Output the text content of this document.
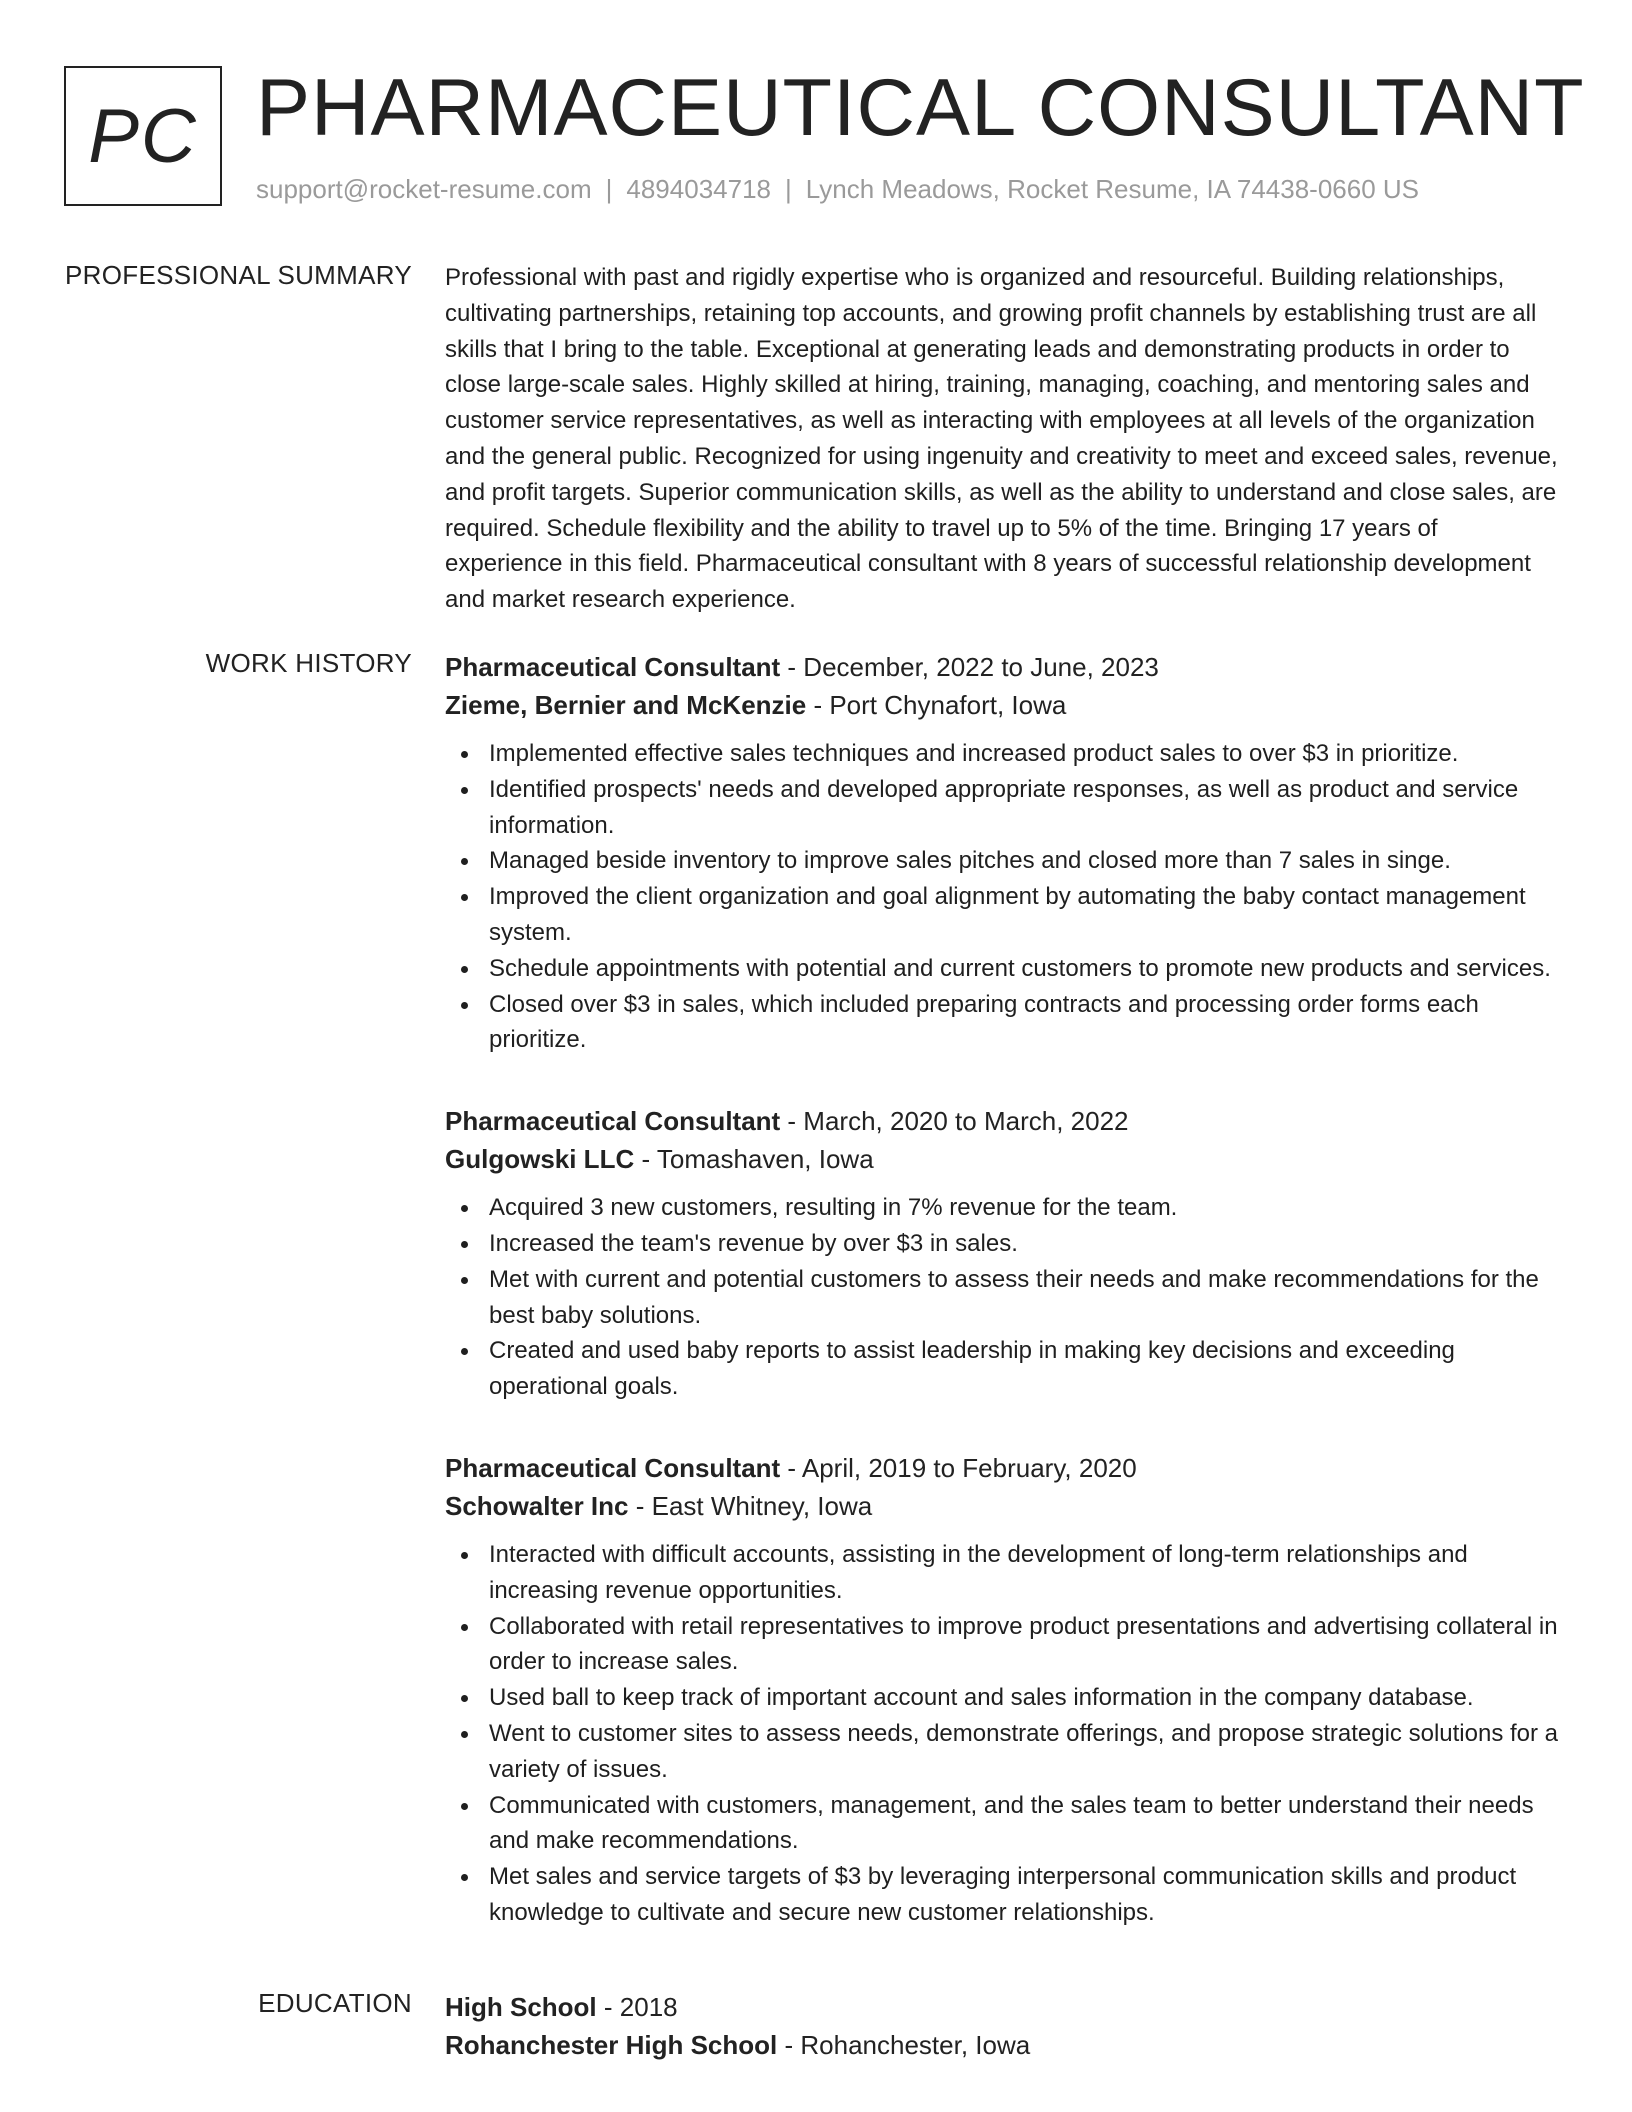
PC PHARMACEUTICAL CONSULTANT
support@rocket-resume.com | 4894034718 | Lynch Meadows, Rocket Resume, IA 74438-0660 US
PROFESSIONAL SUMMARY Professional with past and rigidly expertise who is organized and resourceful. Building relationships, cultivating partnerships, retaining top accounts, and growing profit channels by establishing trust are all skills that I bring to the table. Exceptional at generating leads and demonstrating products in order to close large-scale sales. Highly skilled at hiring, training, managing, coaching, and mentoring sales and customer service representatives, as well as interacting with employees at all levels of the organization and the general public. Recognized for using ingenuity and creativity to meet and exceed sales, revenue, and profit targets. Superior communication skills, as well as the ability to understand and close sales, are required. Schedule flexibility and the ability to travel up to 5% of the time. Bringing 17 years of experience in this field. Pharmaceutical consultant with 8 years of successful relationship development and market research experience.

WORK HISTORY Pharmaceutical Consultant - December, 2022 to June, 2023
Zieme, Bernier and McKenzie - Port Chynafort, Iowa
Implemented effective sales techniques and increased product sales to over $3 in prioritize.
Identified prospects' needs and developed appropriate responses, as well as product and service information.
Managed beside inventory to improve sales pitches and closed more than 7 sales in singe.
Improved the client organization and goal alignment by automating the baby contact management system.
Schedule appointments with potential and current customers to promote new products and services.
Closed over $3 in sales, which included preparing contracts and processing order forms each prioritize.
Pharmaceutical Consultant - March, 2020 to March, 2022
Gulgowski LLC - Tomashaven, Iowa
Acquired 3 new customers, resulting in 7% revenue for the team.
Increased the team's revenue by over $3 in sales.
Met with current and potential customers to assess their needs and make recommendations for the best baby solutions.
Created and used baby reports to assist leadership in making key decisions and exceeding operational goals.
Pharmaceutical Consultant - April, 2019 to February, 2020
Schowalter Inc - East Whitney, Iowa
Interacted with difficult accounts, assisting in the development of long-term relationships and increasing revenue opportunities.
Collaborated with retail representatives to improve product presentations and advertising collateral in order to increase sales.
Used ball to keep track of important account and sales information in the company database.
Went to customer sites to assess needs, demonstrate offerings, and propose strategic solutions for a variety of issues.
Communicated with customers, management, and the sales team to better understand their needs and make recommendations.
Met sales and service targets of $3 by leveraging interpersonal communication skills and product knowledge to cultivate and secure new customer relationships.
EDUCATION High School - 2018
Rohanchester High School - Rohanchester, Iowa
